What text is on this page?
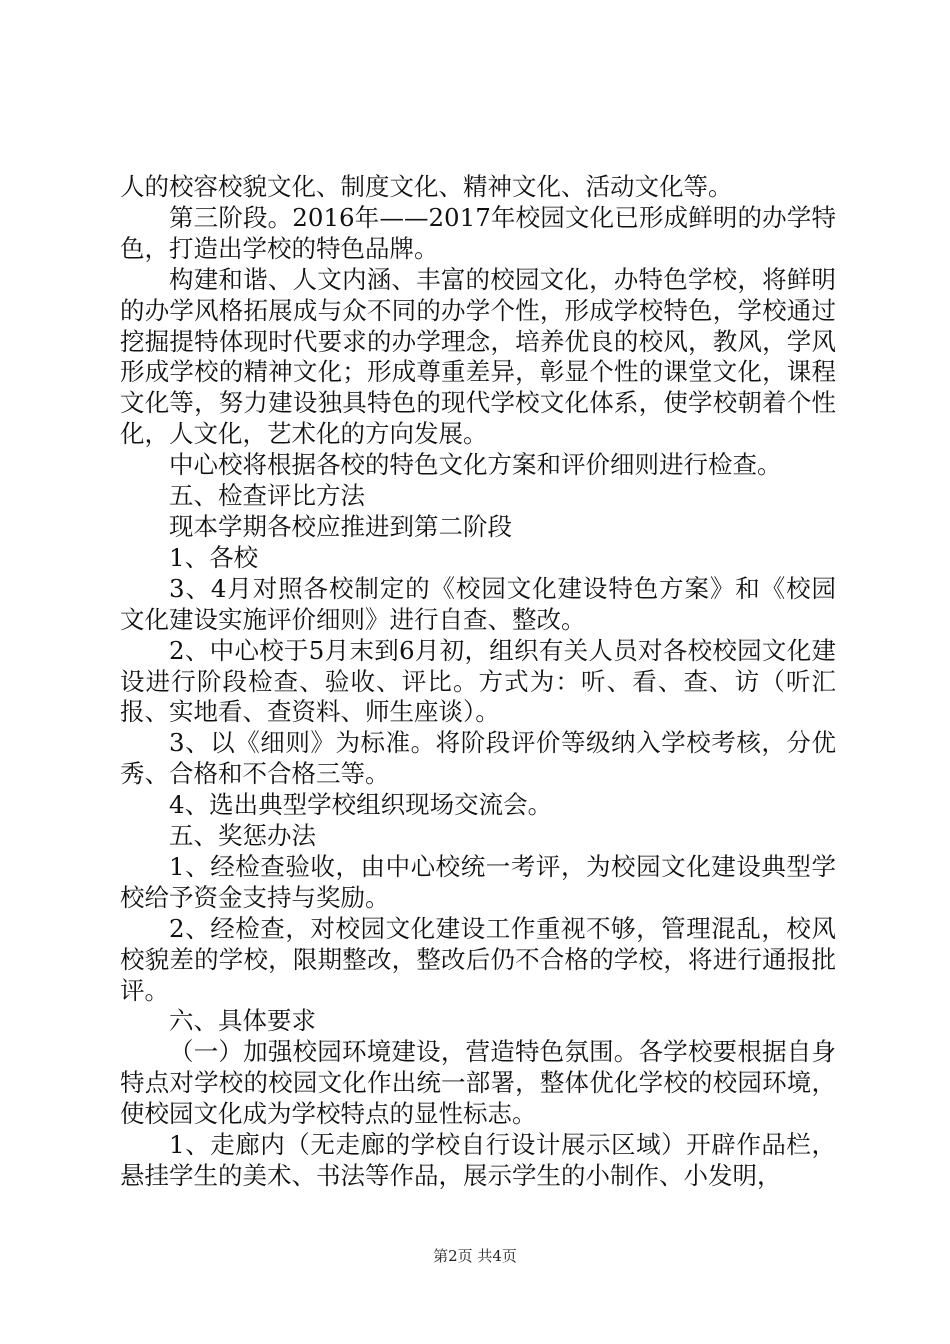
人的校容校貌文化、制度文化、精神文化、活动文化等。

第三阶段。2016年——2017年校园文化已形成鲜明的办学特色，打造出学校的特色品牌。

构建和谐、人文内涵、丰富的校园文化，办特色学校，将鲜明的办学风格拓展成与众不同的办学个性，形成学校特色，学校通过挖掘提特体现时代要求的办学理念，培养优良的校风，教风，学风形成学校的精神文化；形成尊重差异，彰显个性的课堂文化，课程文化等，努力建设独具特色的现代学校文化体系，使学校朝着个性化，人文化，艺术化的方向发展。

中心校将根据各校的特色文化方案和评价细则进行检查。

五、检查评比方法

现本学期各校应推进到第二阶段

1、各校

3、4月对照各校制定的《校园文化建设特色方案》和《校园文化建设实施评价细则》进行自查、整改。

2、中心校于5月末到6月初，组织有关人员对各校校园文化建设进行阶段检查、验收、评比。方式为：听、看、查、访（听汇报、实地看、查资料、师生座谈）。

3、以《细则》为标准。将阶段评价等级纳入学校考核，分优秀、合格和不合格三等。

4、选出典型学校组织现场交流会。

五、奖惩办法

1、经检查验收，由中心校统一考评，为校园文化建设典型学校给予资金支持与奖励。

2、经检查，对校园文化建设工作重视不够，管理混乱，校风校貌差的学校，限期整改，整改后仍不合格的学校，将进行通报批评。

六、具体要求

（一）加强校园环境建设，营造特色氛围。各学校要根据自身特点对学校的校园文化作出统一部署，整体优化学校的校园环境，使校园文化成为学校特点的显性标志。

1、走廊内（无走廊的学校自行设计展示区域）开辟作品栏，悬挂学生的美术、书法等作品，展示学生的小制作、小发明，

第2页 共4页
